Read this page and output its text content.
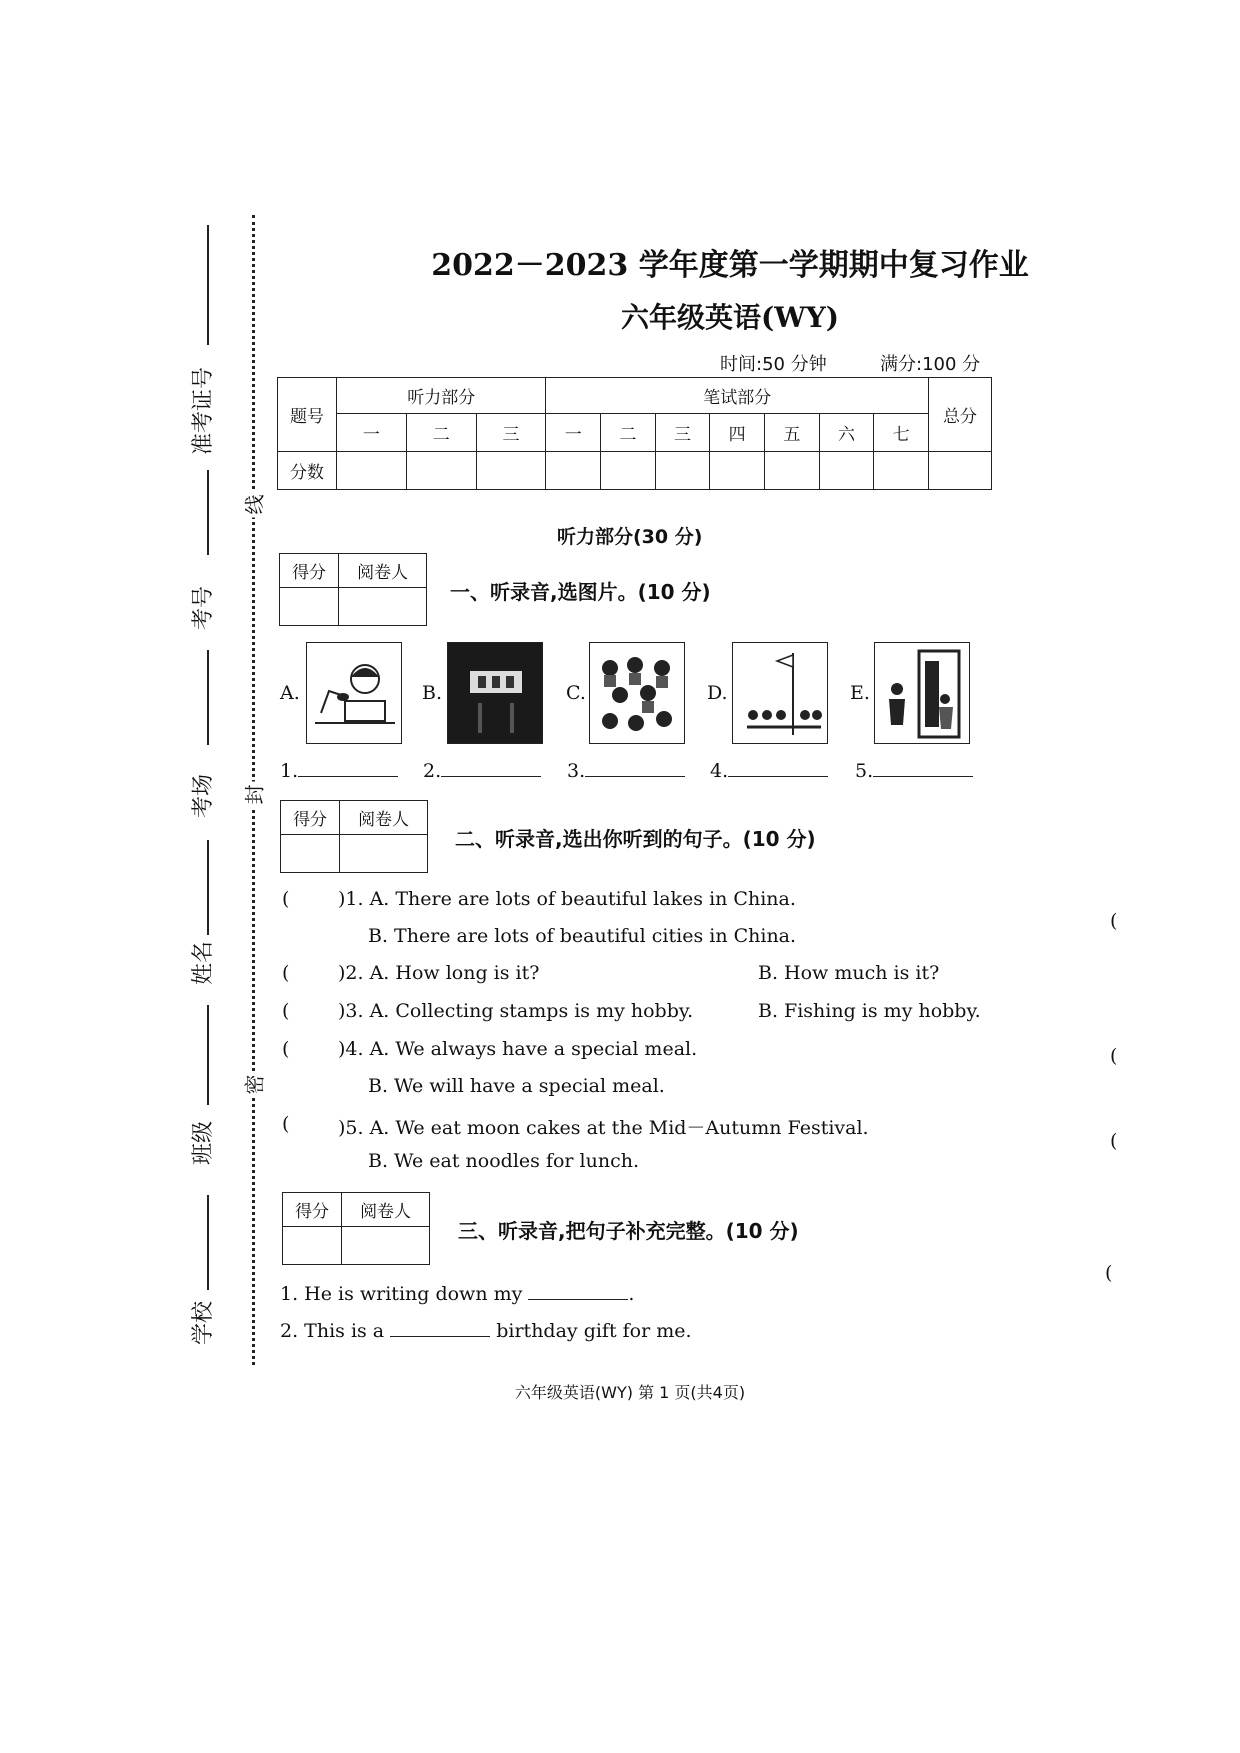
准考证号
考号
考场
姓名
班级
学校
线
封
密
2022－2023 学年度第一学期期中复习作业
六年级英语(WY)
时间:50 分钟	满分:100 分
题号	听力部分			笔试部分							总分
	一	二	三	一	二	三	四	五	六	七	
分数											
听力部分(30 分)
得分	阅卷人

一、听录音,选图片。(10 分)
A.	B.	C.	D.	E.
1.	2.	3.	4.	5.
得分	阅卷人

二、听录音,选出你听到的句子。(10 分)
(	)1. A. There are lots of beautiful lakes in China.
B. There are lots of beautiful cities in China.
(	)2. A. How long is it?	B. How much is it?
(	)3. A. Collecting stamps is my hobby.	B. Fishing is my hobby.
(	)4. A. We always have a special meal.
B. We will have a special meal.
(	)5. A. We eat moon cakes at the Mid－Autumn Festival.
B. We eat noodles for lunch.
(
(
(
(
得分	阅卷人

三、听录音,把句子补充完整。(10 分)
1. He is writing down my	.
2. This is a	birthday gift for me.
六年级英语(WY) 第 1 页(共4页)
